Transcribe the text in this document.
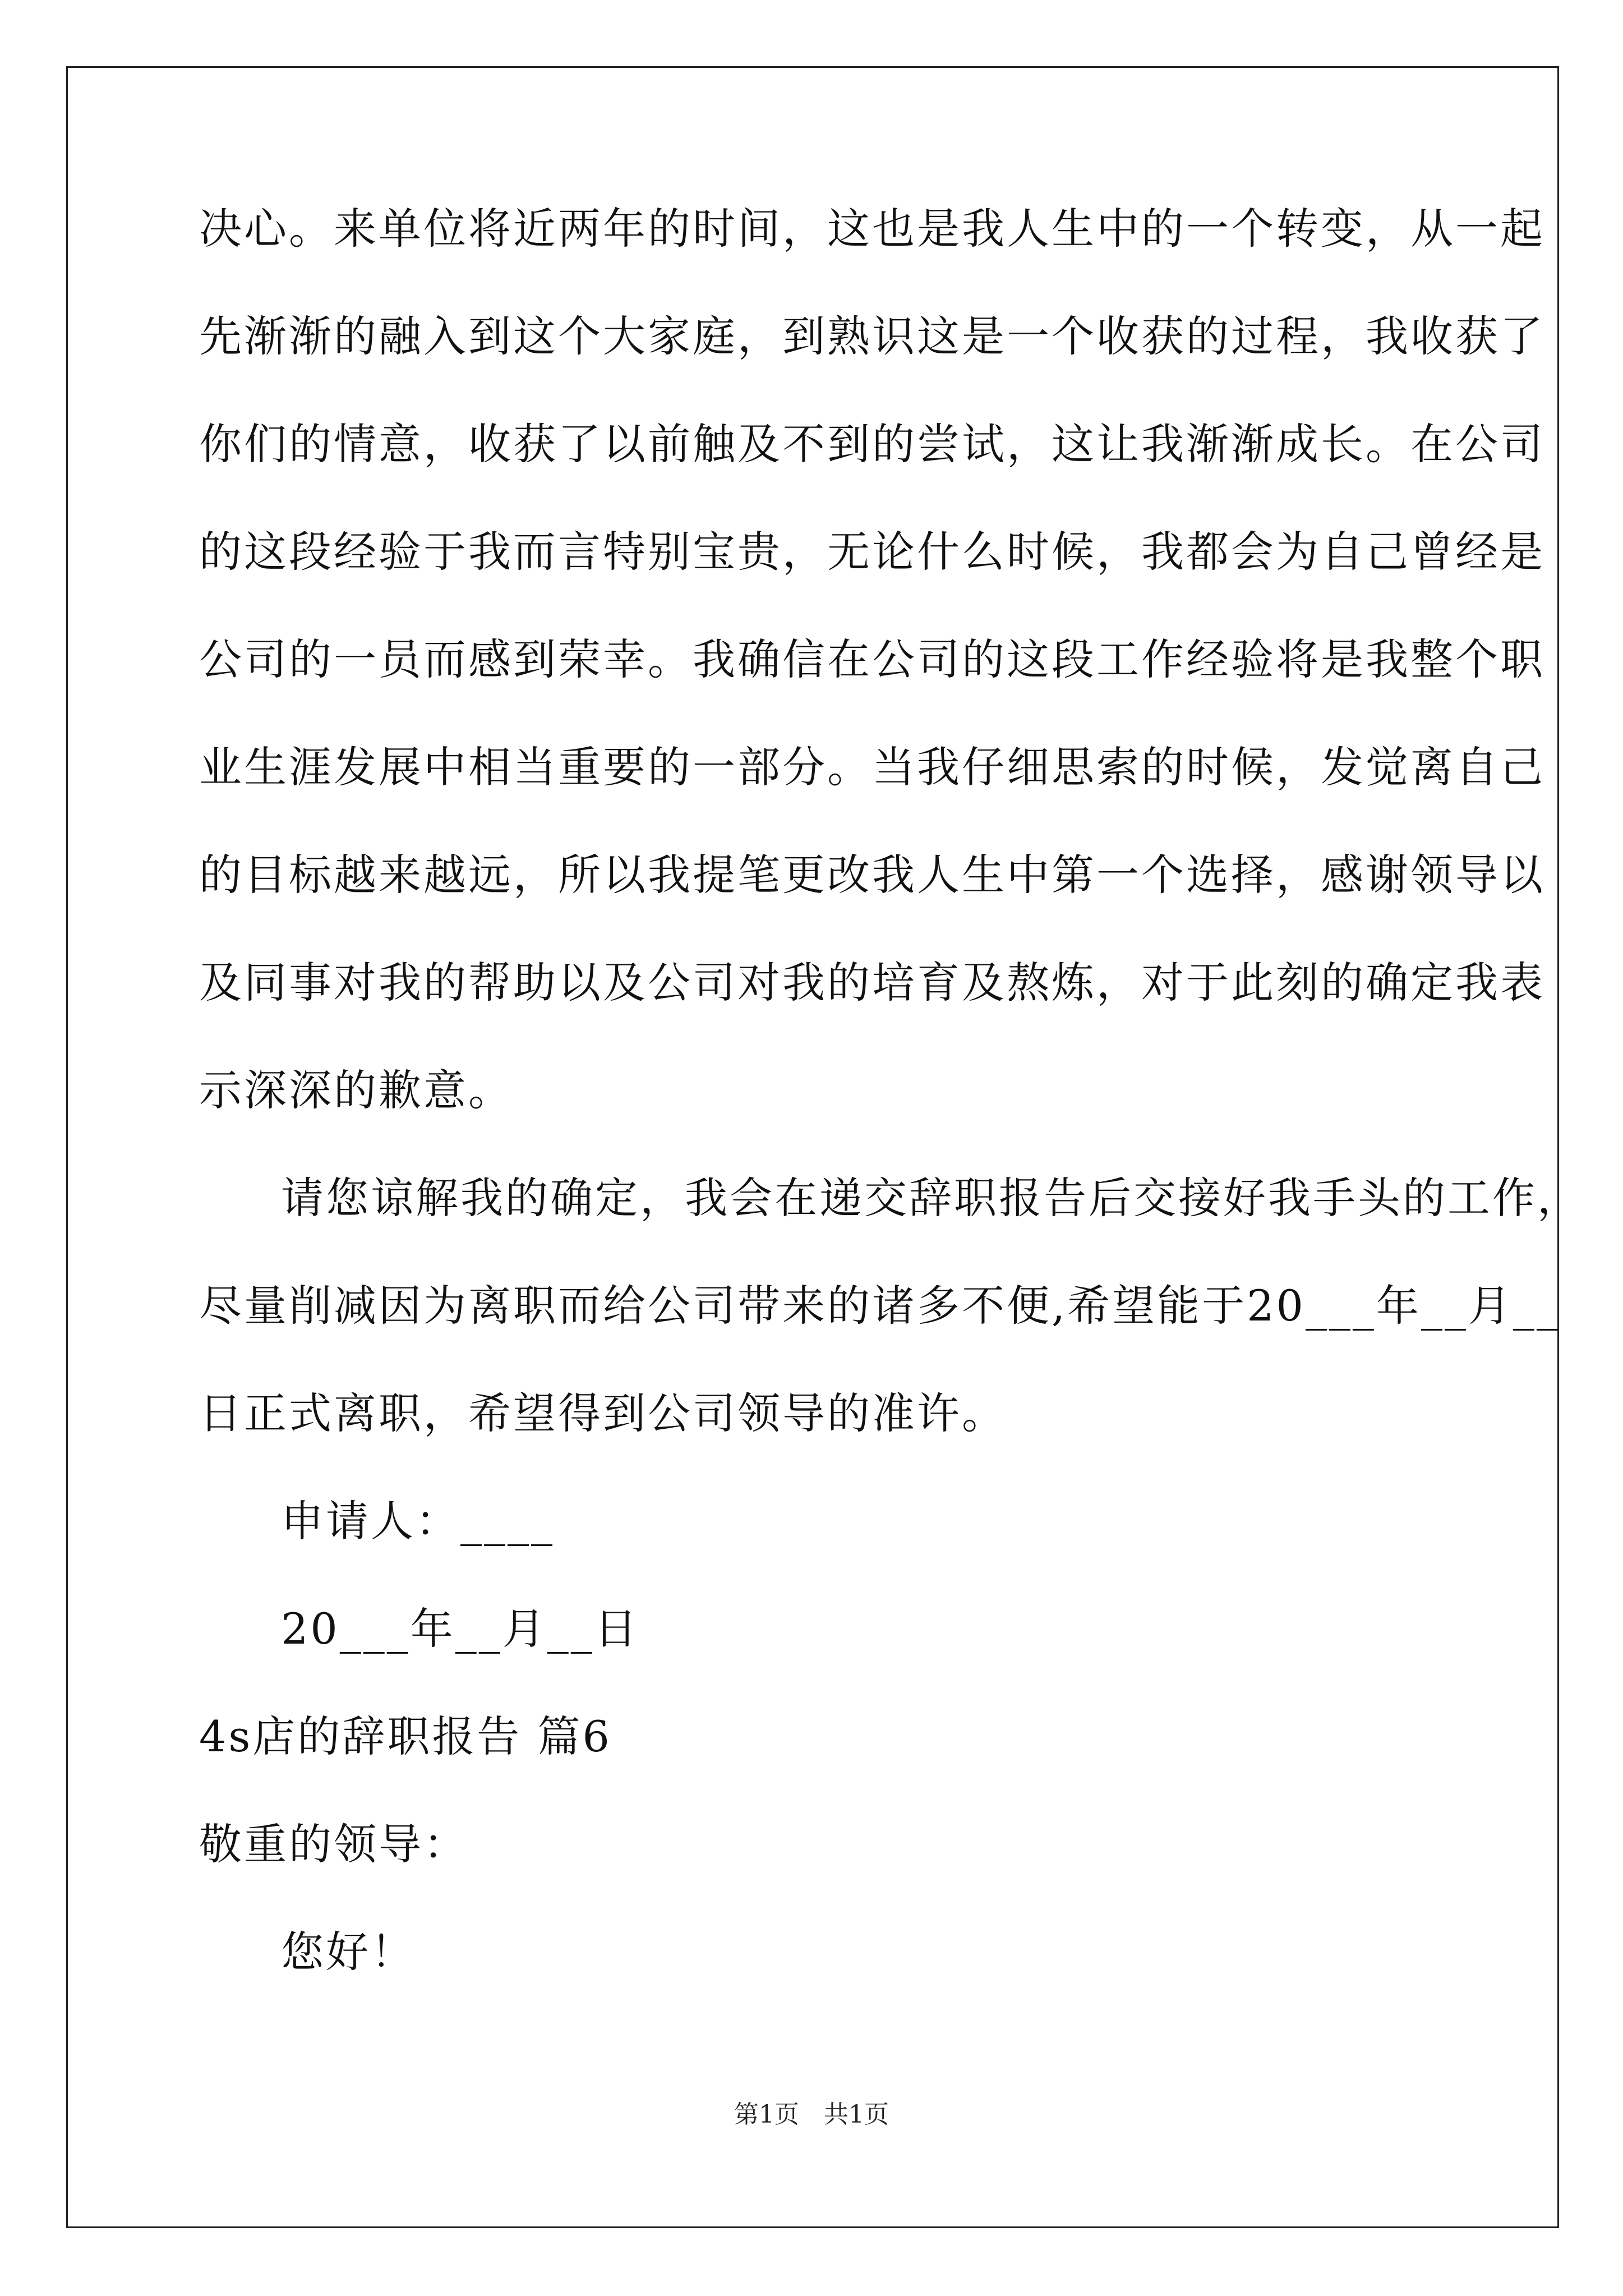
决心。来单位将近两年的时间，这也是我人生中的一个转变，从一起
先渐渐的融入到这个大家庭，到熟识这是一个收获的过程，我收获了
你们的情意，收获了以前触及不到的尝试，这让我渐渐成长。在公司
的这段经验于我而言特别宝贵，无论什么时候，我都会为自己曾经是
公司的一员而感到荣幸。我确信在公司的这段工作经验将是我整个职
业生涯发展中相当重要的一部分。当我仔细思索的时候，发觉离自己
的目标越来越远，所以我提笔更改我人生中第一个选择，感谢领导以
及同事对我的帮助以及公司对我的培育及熬炼，对于此刻的确定我表
示深深的歉意。
请您谅解我的确定，我会在递交辞职报告后交接好我手头的工作，
尽量削减因为离职而给公司带来的诸多不便,希望能于20___年__月__
日正式离职，希望得到公司领导的准许。
申请人：____
20___年__月__日
4s店的辞职报告 篇6
敬重的领导：
您好！
第1页　共1页
